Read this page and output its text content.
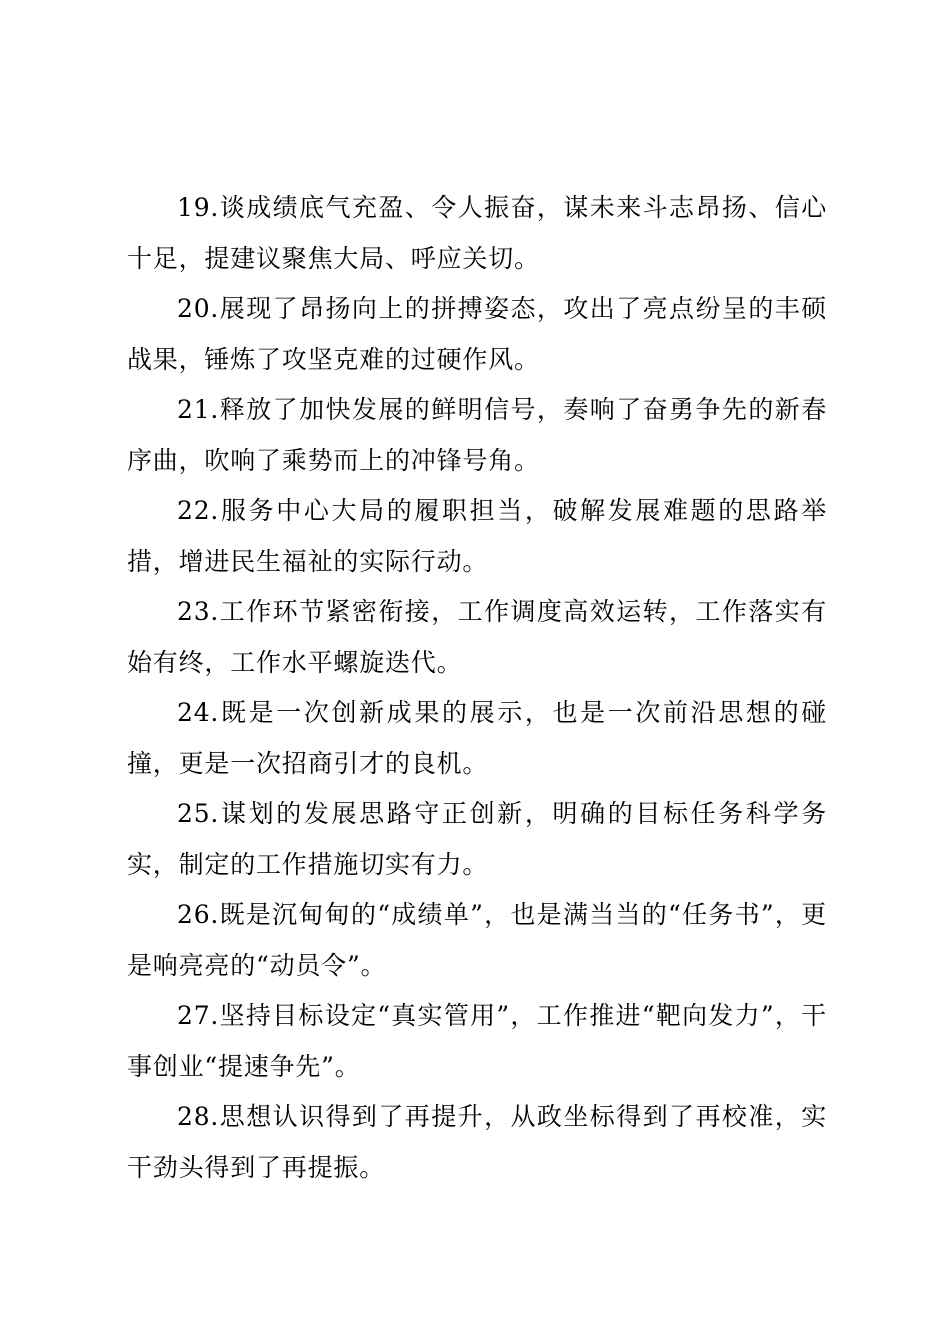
19.谈成绩底气充盈、令人振奋，谋未来斗志昂扬、信心十足，提建议聚焦大局、呼应关切。

20.展现了昂扬向上的拼搏姿态，攻出了亮点纷呈的丰硕战果，锤炼了攻坚克难的过硬作风。

21.释放了加快发展的鲜明信号，奏响了奋勇争先的新春序曲，吹响了乘势而上的冲锋号角。

22.服务中心大局的履职担当，破解发展难题的思路举措，增进民生福祉的实际行动。

23.工作环节紧密衔接，工作调度高效运转，工作落实有始有终，工作水平螺旋迭代。

24.既是一次创新成果的展示，也是一次前沿思想的碰撞，更是一次招商引才的良机。

25.谋划的发展思路守正创新，明确的目标任务科学务实，制定的工作措施切实有力。

26.既是沉甸甸的“成绩单”，也是满当当的“任务书”，更是响亮亮的“动员令”。

27.坚持目标设定“真实管用”，工作推进“靶向发力”，干事创业“提速争先”。

28.思想认识得到了再提升，从政坐标得到了再校准，实干劲头得到了再提振。
